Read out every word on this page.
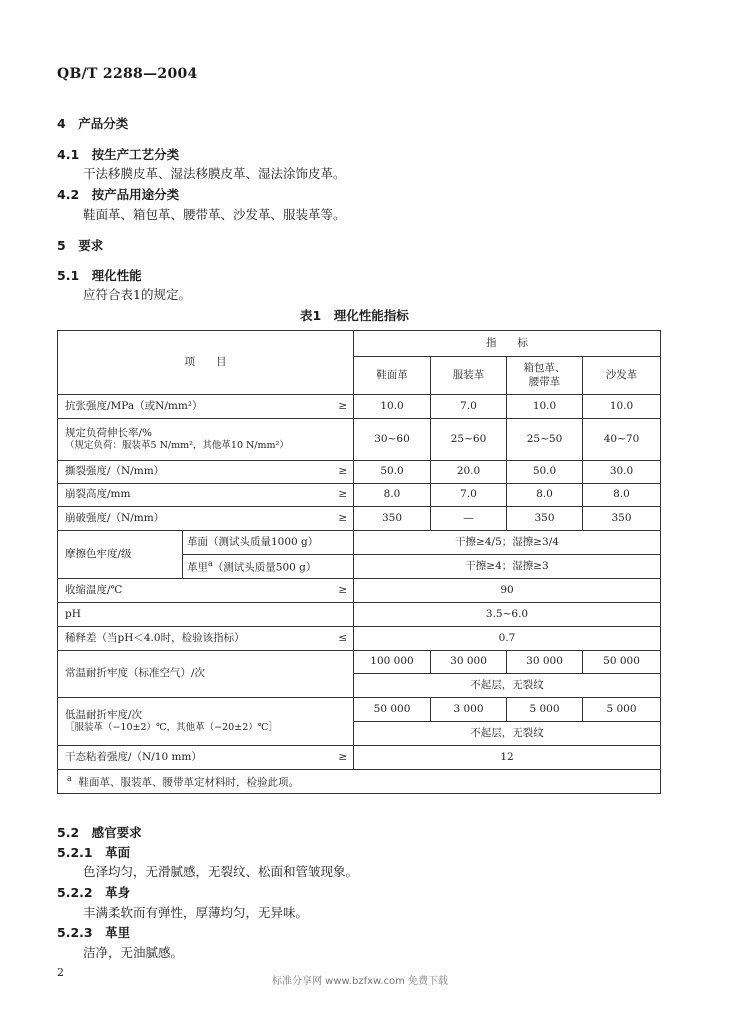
QB/T 2288—2004
4　产品分类
4.1　按生产工艺分类
干法移膜皮革、湿法移膜皮革、湿法涂饰皮革。
4.2　按产品用途分类
鞋面革、箱包革、腰带革、沙发革、服装革等。
5　要求
5.1　理化性能
应符合表1的规定。
表1　理化性能指标
项　　目			指　　标			
			鞋面革	服装革	箱包革、腰带革	沙发革
抗张强度/MPa（或N/mm²）		≥	10.0	7.0	10.0	10.0

规定负荷伸长率/%
（规定负荷：服装革5 N/mm²，其他革10 N/mm²）			30~60	25~60	25~50	40~70
撕裂强度/（N/mm）		≥	50.0	20.0	50.0	30.0
崩裂高度/mm		≥	8.0	7.0	8.0	8.0
崩破强度/（N/mm）		≥	350	—	350	350
摩擦色牢度/级	革面（测试头质量1000 g）		干擦≥4/5；湿擦≥3/4			
	革里$^a$（测试头质量500 g）		干擦≥4；湿擦≥3			
收缩温度/℃		≥	90			
pH			3.5~6.0			
稀释差（当pH＜4.0时，检验该指标）		≤	0.7			
常温耐折牢度（标准空气）/次			100 000	30 000	30 000	50 000
			不起层，无裂纹			

低温耐折牢度/次
［服装革（−10±2）℃，其他革（−20±2）℃］			50 000	3 000	5 000	5 000
			不起层，无裂纹			
干态粘着强度/（N/10 mm）		≥	12			
$^a$ 鞋面革、服装革、腰带革定材料时，检验此项。						
5.2　感官要求
5.2.1　革面
色泽均匀，无滑腻感，无裂纹、松面和管皱现象。
5.2.2　革身
丰满柔软而有弹性，厚薄均匀，无异味。
5.2.3　革里
洁净，无油腻感。
2
标准分享网 www.bzfxw.com 免费下载
